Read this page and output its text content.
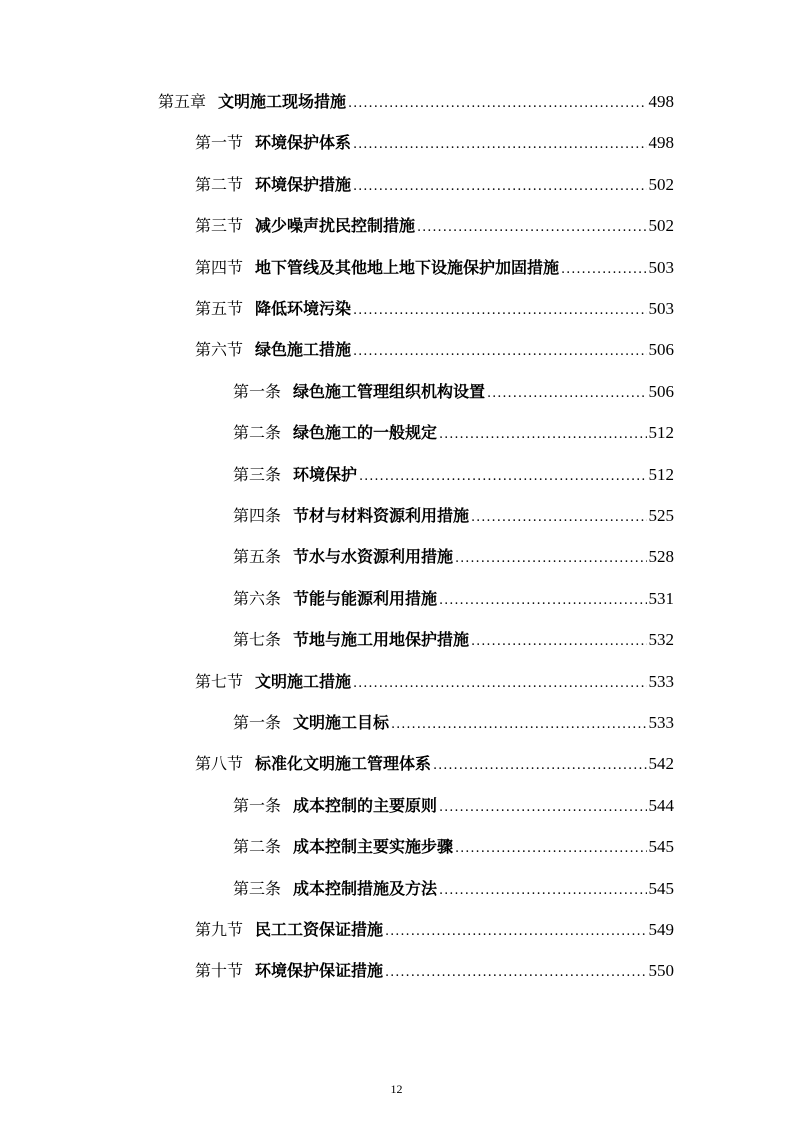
第五章 文明施工现场措施 .....	498
第一节 环境保护体系 .....	498
第二节 环境保护措施 .....	502
第三节 减少噪声扰民控制措施 .....	502
第四节 地下管线及其他地上地下设施保护加固措施 .....	503
第五节 降低环境污染 .....	503
第六节 绿色施工措施 .....	506
第一条 绿色施工管理组织机构设置 .....	506
第二条 绿色施工的一般规定 .....	512
第三条 环境保护 .....	512
第四条 节材与材料资源利用措施 .....	525
第五条 节水与水资源利用措施 .....	528
第六条 节能与能源利用措施 .....	531
第七条 节地与施工用地保护措施 .....	532
第七节 文明施工措施 .....	533
第一条 文明施工目标 .....	533
第八节 标准化文明施工管理体系 .....	542
第一条 成本控制的主要原则 .....	544
第二条 成本控制主要实施步骤 .....	545
第三条 成本控制措施及方法 .....	545
第九节 民工工资保证措施 .....	549
第十节 环境保护保证措施 .....	550
12
